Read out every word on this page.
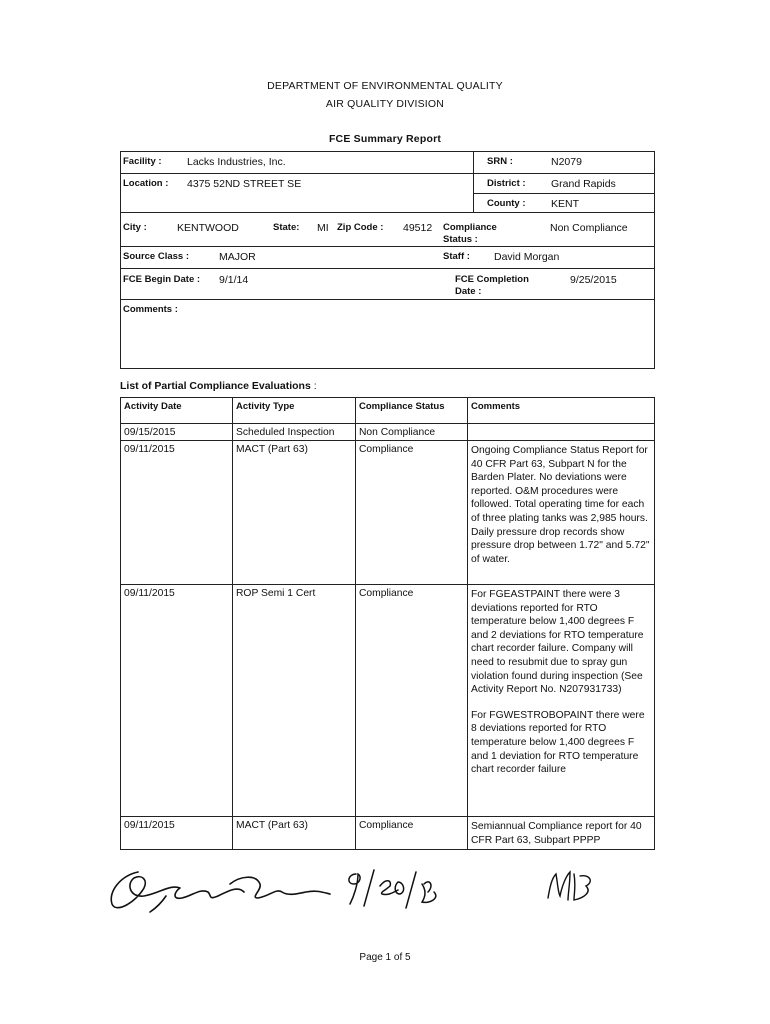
DEPARTMENT OF ENVIRONMENTAL QUALITY
AIR QUALITY DIVISION
FCE Summary Report
Facility : Lacks Industries, Inc.	SRN :	N2079
Location : 4375 52ND STREET SE	District : Grand Rapids
County : KENT
City :	KENTWOOD	State: MI Zip Code : 49512 Compliance
Status :
Non Compliance
Source Class :	MAJOR	Staff : David Morgan
FCE Begin Date : 9/1/14	FCE Completion
Date :
9/25/2015
Comments :
List of Partial Compliance Evaluations :
Activity Date	Activity Type	Compliance Status	Comments
09/15/2015	Scheduled Inspection	Non Compliance	
09/11/2015	MACT (Part 63)	Compliance	Ongoing Compliance Status Report for 40 CFR Part 63, Subpart N for the Barden Plater. No deviations were reported. O&M procedures were followed. Total operating time for each of three plating tanks was 2,985 hours. Daily pressure drop records show pressure drop between 1.72" and 5.72" of water.
09/11/2015	ROP Semi 1 Cert	Compliance	For FGEASTPAINT there were 3 deviations reported for RTO temperature below 1,400 degrees F and 2 deviations for RTO temperature chart recorder failure. Company will need to resubmit due to spray gun violation found during inspection (See Activity Report No. N207931733)

For FGWESTROBOPAINT there were 8 deviations reported for RTO temperature below 1,400 degrees F and 1 deviation for RTO temperature chart recorder failure

09/11/2015	MACT (Part 63)	Compliance	Semiannual Compliance report for 40 CFR Part 63, Subpart PPPP
Page 1 of 5
